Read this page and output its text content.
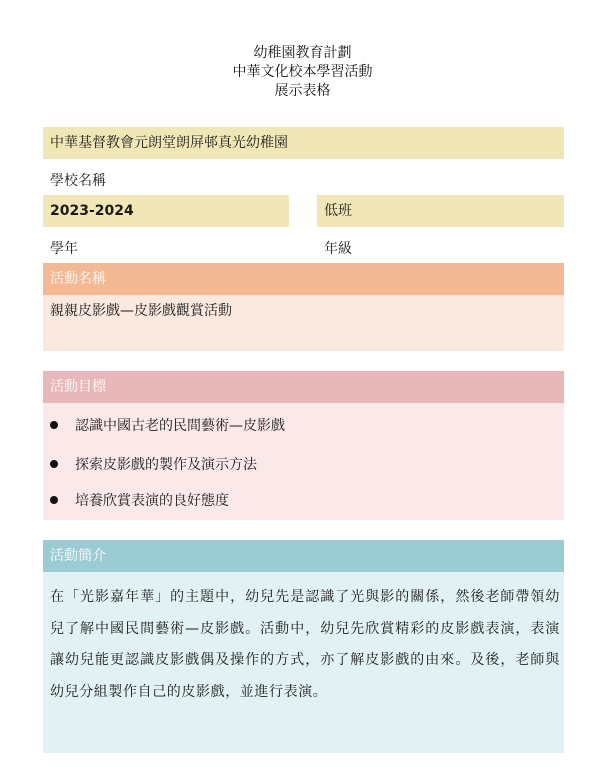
幼稚園教育計劃
中華文化校本學習活動
展示表格
中華基督教會元朗堂朗屏邨真光幼稚園
學校名稱
2023-2024	低班
學年	年級
活動名稱
親親皮影戲—皮影戲觀賞活動
活動目標
認識中國古老的民間藝術—皮影戲
探索皮影戲的製作及演示方法
培養欣賞表演的良好態度
活動簡介
在「光影嘉年華」的主題中，幼兒先是認識了光與影的關係，然後老師帶領幼兒了解中國民間藝術—皮影戲。活動中，幼兒先欣賞精彩的皮影戲表演，表演讓幼兒能更認識皮影戲偶及操作的方式，亦了解皮影戲的由來。及後，老師與幼兒分組製作自己的皮影戲，並進行表演。
